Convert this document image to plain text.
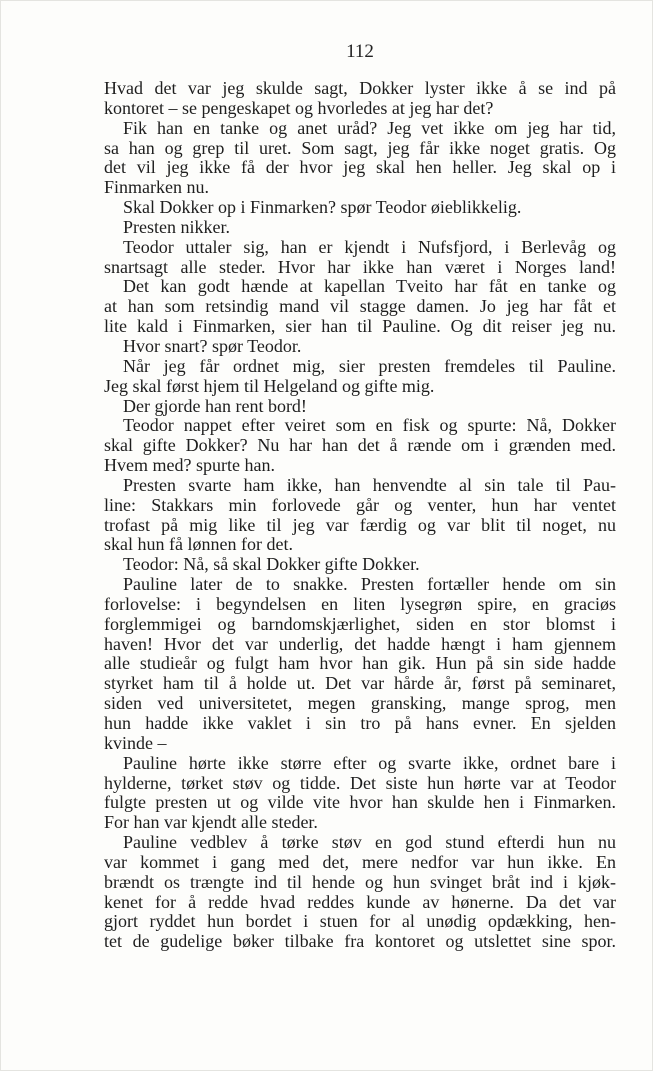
112
Hvad det var jeg skulde sagt, Dokker lyster ikke å se ind på
kontoret – se pengeskapet og hvorledes at jeg har det?
Fik han en tanke og anet uråd? Jeg vet ikke om jeg har tid,
sa han og grep til uret. Som sagt, jeg får ikke noget gratis. Og
det vil jeg ikke få der hvor jeg skal hen heller. Jeg skal op i
Finmarken nu.
Skal Dokker op i Finmarken? spør Teodor øieblikkelig.
Presten nikker.
Teodor uttaler sig, han er kjendt i Nufsfjord, i Berlevåg og
snartsagt alle steder. Hvor har ikke han været i Norges land!
Det kan godt hænde at kapellan Tveito har fåt en tanke og
at han som retsindig mand vil stagge damen. Jo jeg har fåt et
lite kald i Finmarken, sier han til Pauline. Og dit reiser jeg nu.
Hvor snart? spør Teodor.
Når jeg får ordnet mig, sier presten fremdeles til Pauline.
Jeg skal først hjem til Helgeland og gifte mig.
Der gjorde han rent bord!
Teodor nappet efter veiret som en fisk og spurte: Nå, Dokker
skal gifte Dokker? Nu har han det å rænde om i grænden med.
Hvem med? spurte han.
Presten svarte ham ikke, han henvendte al sin tale til Pau-
line: Stakkars min forlovede går og venter, hun har ventet
trofast på mig like til jeg var færdig og var blit til noget, nu
skal hun få lønnen for det.
Teodor: Nå, så skal Dokker gifte Dokker.
Pauline later de to snakke. Presten fortæller hende om sin
forlovelse: i begyndelsen en liten lysegrøn spire, en graciøs
forglemmigei og barndomskjærlighet, siden en stor blomst i
haven! Hvor det var underlig, det hadde hængt i ham gjennem
alle studieår og fulgt ham hvor han gik. Hun på sin side hadde
styrket ham til å holde ut. Det var hårde år, først på seminaret,
siden ved universitetet, megen gransking, mange sprog, men
hun hadde ikke vaklet i sin tro på hans evner. En sjelden
kvinde –
Pauline hørte ikke større efter og svarte ikke, ordnet bare i
hylderne, tørket støv og tidde. Det siste hun hørte var at Teodor
fulgte presten ut og vilde vite hvor han skulde hen i Finmarken.
For han var kjendt alle steder.
Pauline vedblev å tørke støv en god stund efterdi hun nu
var kommet i gang med det, mere nedfor var hun ikke. En
brændt os trængte ind til hende og hun svinget bråt ind i kjøk-
kenet for å redde hvad reddes kunde av hønerne. Da det var
gjort ryddet hun bordet i stuen for al unødig opdækking, hen-
tet de gudelige bøker tilbake fra kontoret og utslettet sine spor.
